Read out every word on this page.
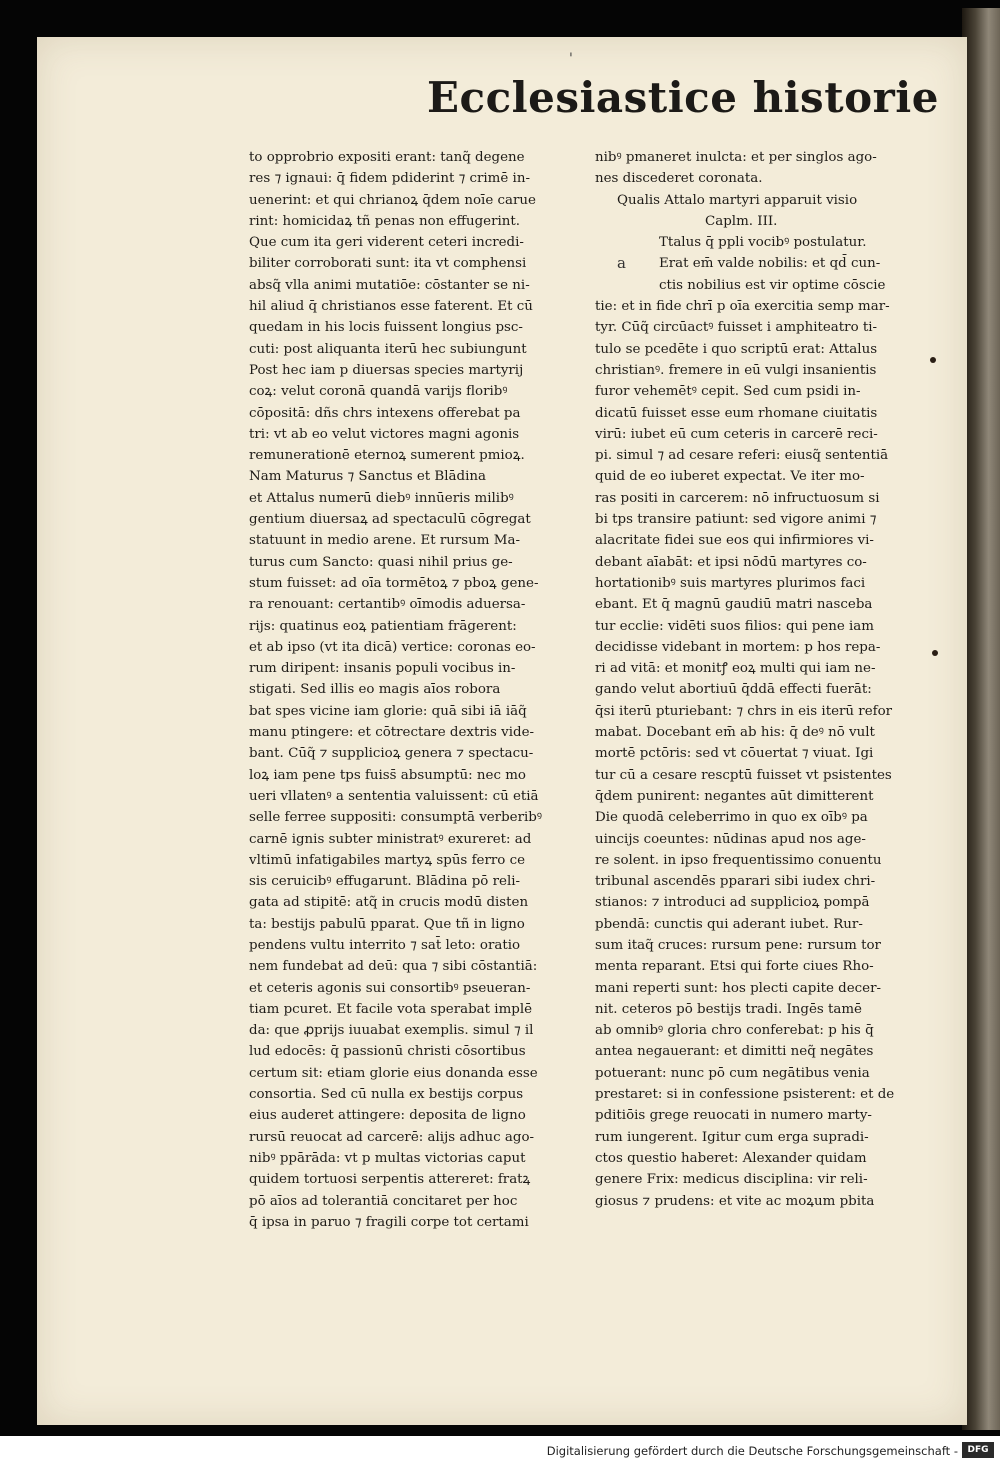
'
Ecclesiastice historie
to opprobrio expositi erant: tanq̃ degene
res ⁊ ignaui: q̄ fidem pdiderint ⁊ crimē in-
uenerint: et qui chrianoꝝ q̄dem noīe carue
rint: homicidaꝝ tñ penas non effugerint.
Que cum ita geri viderent ceteri incredi-
biliter corroborati sunt: ita vt comphensi
absq̃ vlla animi mutatiōe: cōstanter se ni-
hil aliud q̄ christianos esse faterent. Et cū
quedam in his locis fuissent longius psc-
cuti: post aliquanta iterū hec subiungunt
Post hec iam p diuersas species martyrij
coꝝ: velut coronā quandā varijs floribꝰ
cōpositā: dñs chrs intexens offerebat pa
tri: vt ab eo velut victores magni agonis
remunerationē eternoꝝ sumerent pmioꝝ.
Nam Maturus ⁊ Sanctus et Blādina
et Attalus numerū diebꝰ innūeris milibꝰ
gentium diuersaꝝ ad spectaculū cōgregat
statuunt in medio arene. Et rursum Ma-
turus cum Sancto: quasi nihil prius ge-
stum fuisset: ad oīa tormētoꝝ ⁊ pboꝝ gene-
ra renouant: certantibꝰ oīmodis aduersa-
rijs: quatinus eoꝝ patientiam frāgerent:
et ab ipso (vt ita dicā) vertice: coronas eo-
rum diripent: insanis populi vocibus in-
stigati. Sed illis eo magis aīos robora
bat spes vicine iam glorie: quā sibi iā iāq̃
manu ptingere: et cōtrectare dextris vide-
bant. Cūq̃ ⁊ supplicioꝝ genera ⁊ spectacu-
loꝝ iam pene tps fuiss̄ absumptū: nec mo
ueri vllatenꝰ a sententia valuissent: cū etiā
selle ferree suppositi: consumptā verberibꝰ
carnē ignis subter ministratꝰ exureret: ad
vltimū infatigabiles martyꝝ spūs ferro ce
sis ceruicibꝰ effugarunt. Blādina pō reli-
gata ad stipitē: atq̃ in crucis modū disten
ta: bestijs pabulū pparat. Que tñ in ligno
pendens vultu interrito ⁊ sat̄ leto: oratio
nem fundebat ad deū: qua ⁊ sibi cōstantiā:
et ceteris agonis sui consortibꝰ pseueran-
tiam pcuret. Et facile vota sperabat implē
da: que ꝓprijs iuuabat exemplis. simul ⁊ il
lud edocēs: q̄ passionū christi cōsortibus
certum sit: etiam glorie eius donanda esse
consortia. Sed cū nulla ex bestijs corpus
eius auderet attingere: deposita de ligno
rursū reuocat ad carcerē: alijs adhuc ago-
nibꝰ ppārāda: vt p multas victorias caput
quidem tortuosi serpentis attereret: fratꝝ
pō aīos ad tolerantiā concitaret per hoc
q̄ ipsa in paruo ⁊ fragili corpe tot certami
nibꝰ pmaneret inulcta: et per singlos ago-
nes discederet coronata.
Qualis Attalo martyri apparuit visio
Caplm. III.
Ttalus q̄ ppli vocibꝰ postulatur.
a Erat em̄ valde nobilis: et qd̄ cun-
ctis nobilius est vir optime cōscie
tie: et in fide chrī p oīa exercitia semp mar-
tyr. Cūq̃ circūactꝰ fuisset i amphiteatro ti-
tulo se pcedēte i quo scriptū erat: Attalus
christianꝰ. fremere in eū vulgi insanientis
furor vehemētꝰ cepit. Sed cum psidi in-
dicatū fuisset esse eum rhomane ciuitatis
virū: iubet eū cum ceteris in carcerē reci-
pi. simul ⁊ ad cesare referi: eiusq̃ sententiā
quid de eo iuberet expectat. Ve iter mo-
ras positi in carcerem: nō infructuosum si
bi tps transire patiunt: sed vigore animi ⁊
alacritate fidei sue eos qui infirmiores vi-
debant aīabāt: et ipsi nōdū martyres co-
hortationibꝰ suis martyres plurimos faci
ebant. Et q̄ magnū gaudiū matri nasceba
tur ecclie: vidēti suos filios: qui pene iam
decidisse videbant in mortem: p hos repa-
ri ad vitā: et monitꝭ eoꝝ multi qui iam ne-
gando velut abortiuū q̄ddā effecti fuerāt:
q̄si iterū pturiebant: ⁊ chrs in eis iterū refor
mabat. Docebant em̄ ab his: q̄ deꝰ nō vult
mortē pctōris: sed vt cōuertat ⁊ viuat. Igi
tur cū a cesare rescptū fuisset vt psistentes
q̄dem punirent: negantes aūt dimitterent
Die quodā celeberrimo in quo ex oībꝰ pa
uincijs coeuntes: nūdinas apud nos age-
re solent. in ipso frequentissimo conuentu
tribunal ascendēs pparari sibi iudex chri-
stianos: ⁊ introduci ad supplicioꝝ pompā
pbendā: cunctis qui aderant iubet. Rur-
sum itaq̃ cruces: rursum pene: rursum tor
menta reparant. Etsi qui forte ciues Rho-
mani reperti sunt: hos plecti capite decer-
nit. ceteros pō bestijs tradi. Ingēs tamē
ab omnibꝰ gloria chro conferebat: p his q̄
antea negauerant: et dimitti neq̃ negātes
potuerant: nunc pō cum negātibus venia
prestaret: si in confessione psisterent: et de
pditiōis grege reuocati in numero marty-
rum iungerent. Igitur cum erga supradi-
ctos questio haberet: Alexander quidam
genere Frix: medicus disciplina: vir reli-
giosus ⁊ prudens: et vite ac moꝝum pbita
Digitalisierung gefördert durch die Deutsche Forschungsgemeinschaft -	DFG
